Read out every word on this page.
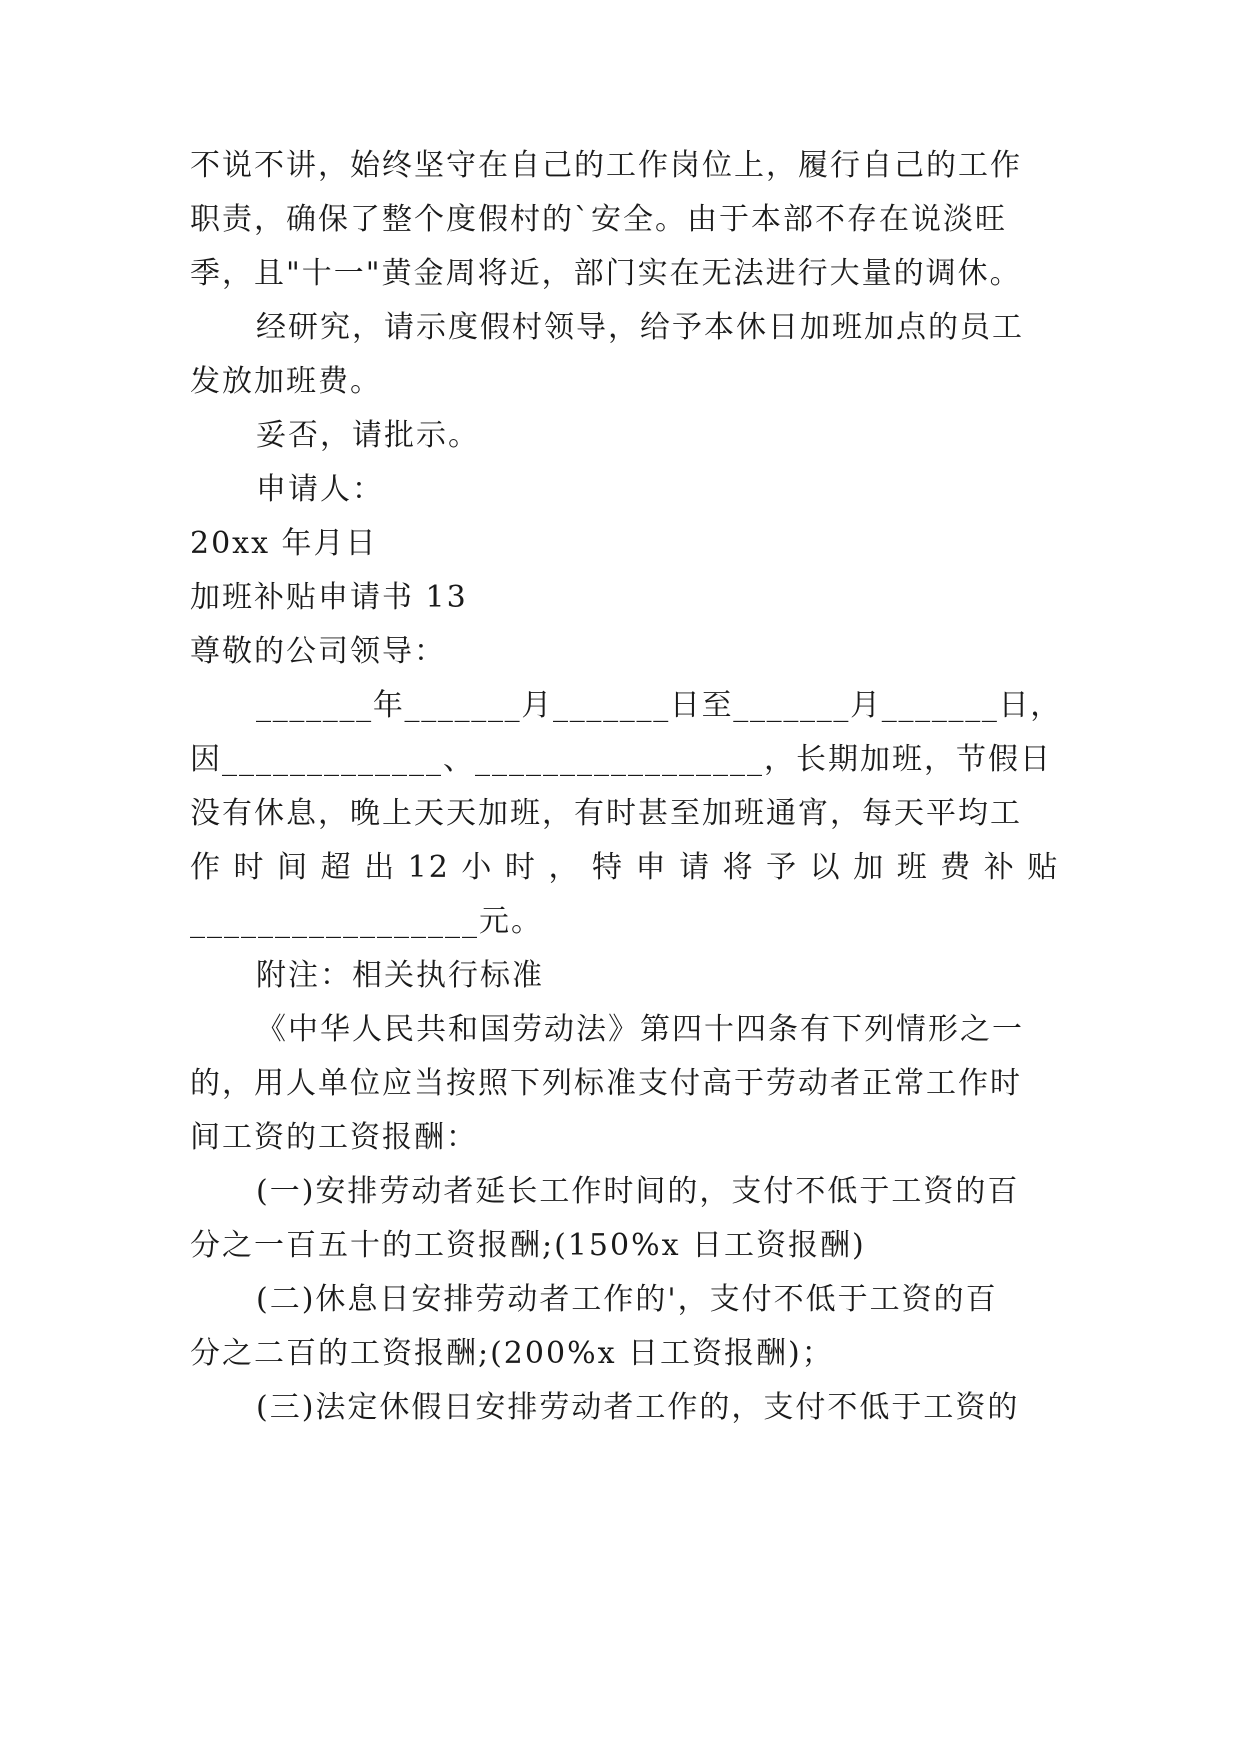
不说不讲，始终坚守在自己的工作岗位上，履行自己的工作
职责，确保了整个度假村的`安全。由于本部不存在说淡旺
季，且"十一"黄金周将近，部门实在无法进行大量的调休。
经研究，请示度假村领导，给予本休日加班加点的员工
发放加班费。
妥否，请批示。
申请人：
20xx 年月日
加班补贴申请书 13
尊敬的公司领导：
_______年_______月_______日至_______月_______日，
因_____________、_________________，长期加班，节假日
没有休息，晚上天天加班，有时甚至加班通宵，每天平均工
作 时 间 超 出 12 小 时 ， 特 申 请 将 予 以 加 班 费 补 贴
_________________元。
附注：相关执行标准
《中华人民共和国劳动法》第四十四条有下列情形之一
的，用人单位应当按照下列标准支付高于劳动者正常工作时
间工资的工资报酬：
(一)安排劳动者延长工作时间的，支付不低于工资的百
分之一百五十的工资报酬;(150%x 日工资报酬)
(二)休息日安排劳动者工作的'，支付不低于工资的百
分之二百的工资报酬;(200%x 日工资报酬)；
(三)法定休假日安排劳动者工作的，支付不低于工资的
